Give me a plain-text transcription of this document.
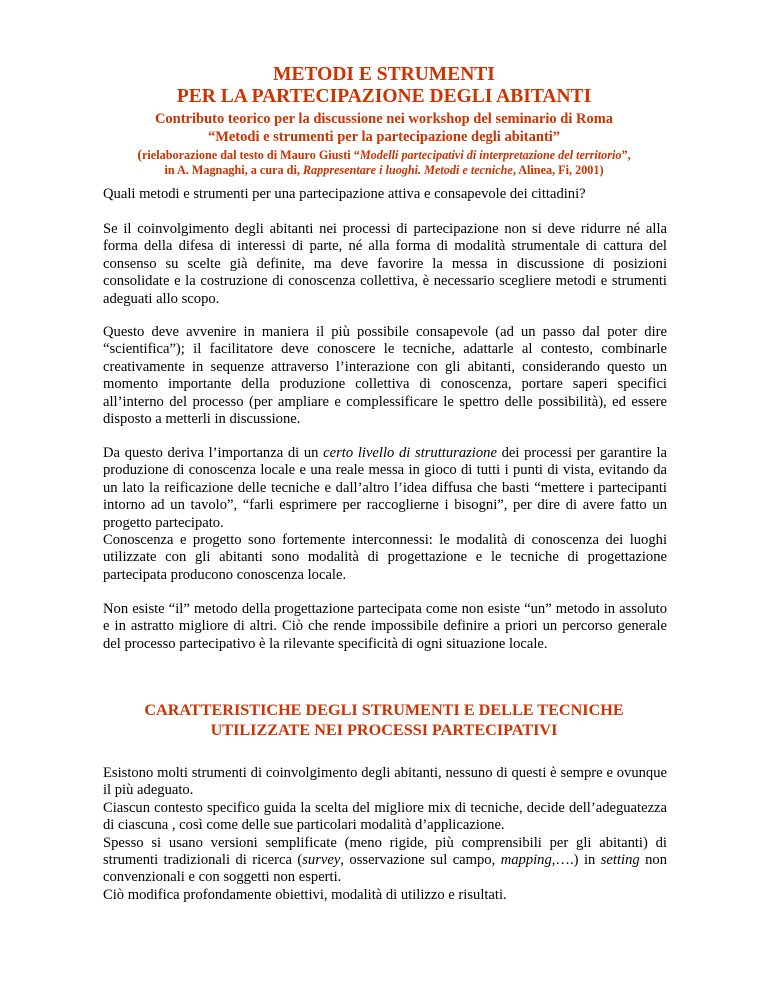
METODI E STRUMENTI
PER LA PARTECIPAZIONE DEGLI ABITANTI
Contributo teorico per la discussione nei workshop del seminario di Roma
“Metodi e strumenti per la partecipazione degli abitanti”
(rielaborazione dal testo di Mauro Giusti “Modelli partecipativi di interpretazione del territorio”,
in A. Magnaghi, a cura di, Rappresentare i luoghi. Metodi e tecniche, Alinea, Fi, 2001)
Quali metodi e strumenti per una partecipazione attiva e consapevole dei cittadini?
Se il coinvolgimento degli abitanti nei processi di partecipazione non si deve ridurre né alla forma della difesa di interessi di parte, né alla forma di modalità strumentale di cattura del consenso su scelte già definite, ma deve favorire la messa in discussione di posizioni consolidate e la costruzione di conoscenza collettiva, è necessario scegliere metodi e strumenti adeguati allo scopo.
Questo deve avvenire in maniera il più possibile consapevole (ad un passo dal poter dire “scientifica”); il facilitatore deve conoscere le tecniche, adattarle al contesto, combinarle creativamente in sequenze attraverso l’interazione con gli abitanti, considerando questo un momento importante della produzione collettiva di conoscenza, portare saperi specifici all’interno del processo (per ampliare e complessificare le spettro delle possibilità), ed essere disposto a metterli in discussione.
Da questo deriva l’importanza di un certo livello di strutturazione dei processi per garantire la produzione di conoscenza locale e una reale messa in gioco di tutti i punti di vista, evitando da un lato la reificazione delle tecniche e dall’altro l’idea diffusa che basti “mettere i partecipanti intorno ad un tavolo”, “farli esprimere per raccoglierne i bisogni”, per dire di avere fatto un progetto partecipato.
Conoscenza e progetto sono fortemente interconnessi: le modalità di conoscenza dei luoghi utilizzate con gli abitanti sono modalità di progettazione e le tecniche di progettazione partecipata producono conoscenza locale.
Non esiste “il” metodo della progettazione partecipata come non esiste “un” metodo in assoluto e in astratto migliore di altri. Ciò che rende impossibile definire a priori un percorso generale del processo partecipativo è la rilevante specificità di ogni situazione locale.
CARATTERISTICHE DEGLI STRUMENTI E DELLE TECNICHE
UTILIZZATE NEI PROCESSI PARTECIPATIVI
Esistono molti strumenti di coinvolgimento degli abitanti, nessuno di questi è sempre e ovunque il più adeguato.
Ciascun contesto specifico guida la scelta del migliore mix di tecniche, decide dell’adeguatezza di ciascuna , così come delle sue particolari modalità d’applicazione.
Spesso si usano versioni semplificate (meno rigide, più comprensibili per gli abitanti) di strumenti tradizionali di ricerca (survey, osservazione sul campo, mapping,….) in setting non convenzionali e con soggetti non esperti.
Ciò modifica profondamente obiettivi, modalità di utilizzo e risultati.
